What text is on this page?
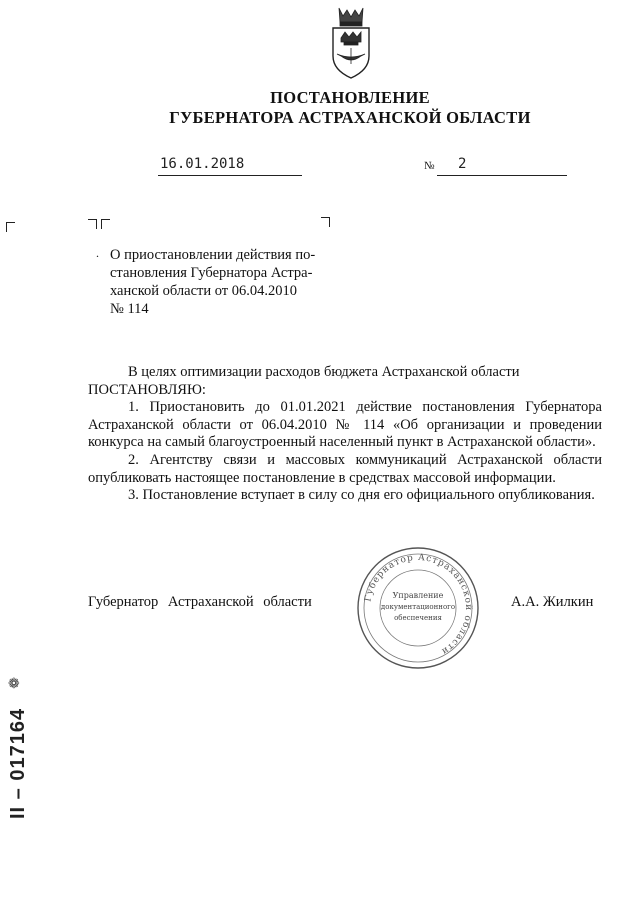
ПОСТАНОВЛЕНИЕ
ГУБЕРНАТОРА АСТРАХАНСКОЙ ОБЛАСТИ
16.01.2018	№ 2
. О приостановлении действия по-

становления Губернатора Астра-

ханской области от 06.04.2010

№ 114

В целях оптимизации расходов бюджета Астраханской области

ПОСТАНОВЛЯЮ:

1. Приостановить до 01.01.2021 действие постановления Губернатора Астраханской области от 06.04.2010 № 114 «Об организации и проведении конкурса на самый благоустроенный населенный пункт в Астраханской области».

2. Агентству связи и массовых коммуникаций Астраханской области опубликовать настоящее постановление в средствах массовой информации.

3. Постановление вступает в силу со дня его официального опубликования.

Губернатор Астраханской области	А.А. Жилкин
Губернатор Астраханской области
Управление
документационного
обеспечения
❁
II – 017164
